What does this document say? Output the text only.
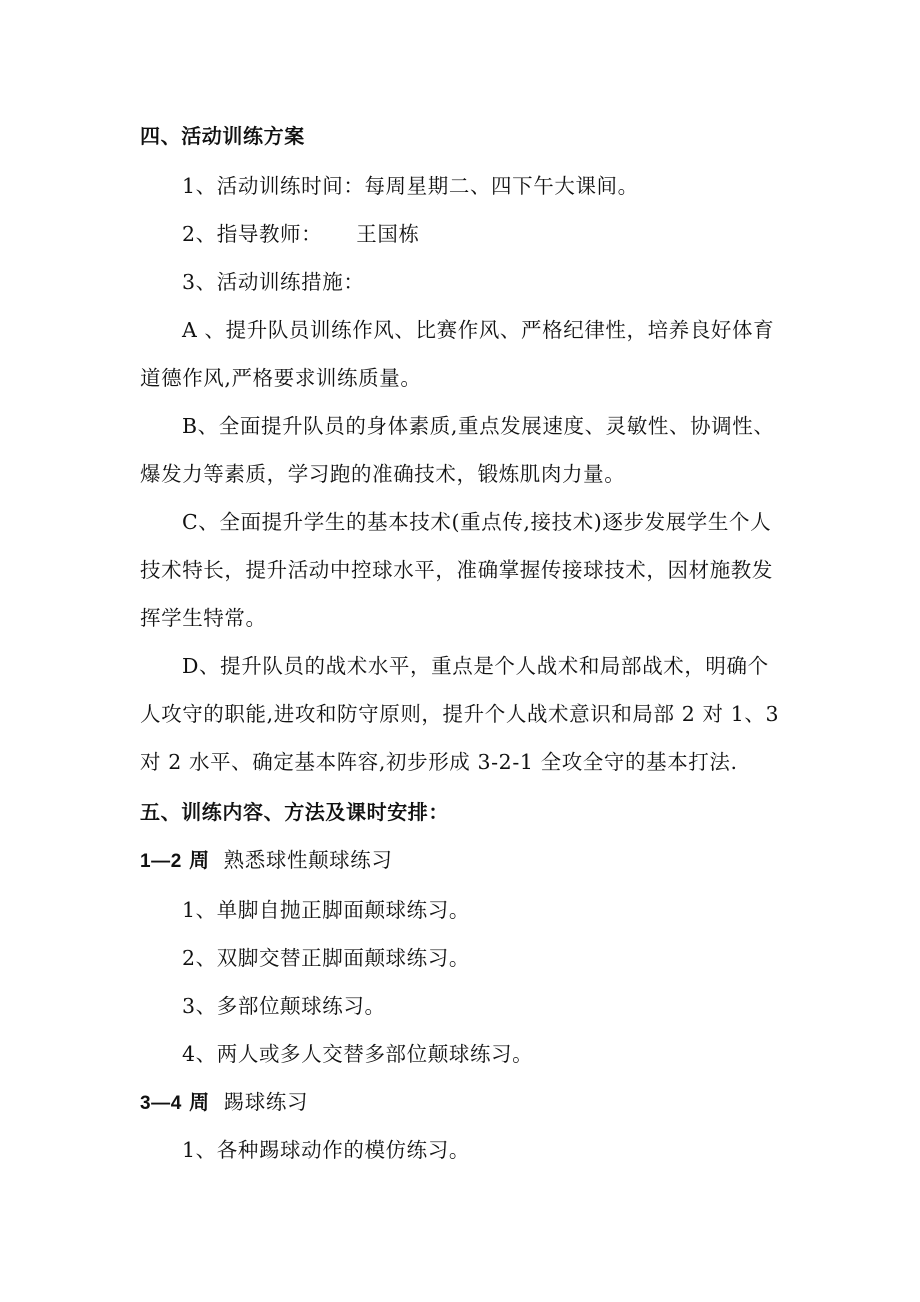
四、活动训练方案
1、活动训练时间：每周星期二、四下午大课间。
2、指导教师： 王国栋
3、活动训练措施：
A 、提升队员训练作风、比赛作风、严格纪律性，培养良好体育
道德作风,严格要求训练质量。
B、全面提升队员的身体素质,重点发展速度、灵敏性、协调性、
爆发力等素质，学习跑的准确技术，锻炼肌肉力量。
C、全面提升学生的基本技术(重点传,接技术)逐步发展学生个人
技术特长，提升活动中控球水平，准确掌握传接球技术，因材施教发
挥学生特常。
D、提升队员的战术水平，重点是个人战术和局部战术，明确个
人攻守的职能,进攻和防守原则，提升个人战术意识和局部 2 对 1、3
对 2 水平、确定基本阵容,初步形成 3-2-1 全攻全守的基本打法.
五、训练内容、方法及课时安排：
1—2 周 熟悉球性颠球练习
1、单脚自抛正脚面颠球练习。
2、双脚交替正脚面颠球练习。
3、多部位颠球练习。
4、两人或多人交替多部位颠球练习。
3—4 周 踢球练习
1、各种踢球动作的模仿练习。
